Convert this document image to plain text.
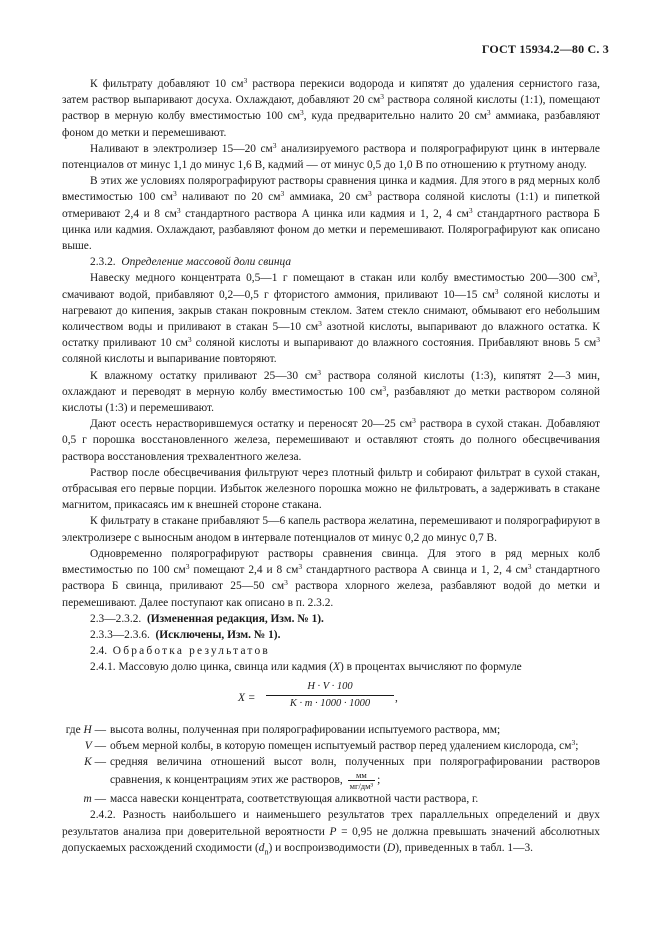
ГОСТ 15934.2—80 С. 3

К фильтрату добавляют 10 $см^3$ раствора перекиси водорода и кипятят до удаления сернистого газа, затем раствор выпаривают досуха. Охлаждают, добавляют 20 $см^3$ раствора соляной кислоты (1:1), помещают раствор в мерную колбу вместимостью 100 $см^3$, куда предварительно налито 20 $см^3$ аммиака, разбавляют фоном до метки и перемешивают.

Наливают в электролизер 15—20 $см^3$ анализируемого раствора и полярографируют цинк в интервале потенциалов от минус 1,1 до минус 1,6 В, кадмий — от минус 0,5 до 1,0 В по отношению к ртутному аноду.

В этих же условиях полярографируют растворы сравнения цинка и кадмия. Для этого в ряд мерных колб вместимостью 100 $см^3$ наливают по 20 $см^3$ аммиака, 20 $см^3$ раствора соляной кислоты (1:1) и пипеткой отмеривают 2,4 и 8 $см^3$ стандартного раствора А цинка или кадмия и 1, 2, 4 $см^3$ стандартного раствора Б цинка или кадмия. Охлаждают, разбавляют фоном до метки и перемешивают. Полярографируют как описано выше.

2.3.2. Определение массовой доли свинца

Навеску медного концентрата 0,5—1 г помещают в стакан или колбу вместимостью 200—300 $см^3$, смачивают водой, прибавляют 0,2—0,5 г фтористого аммония, приливают 10—15 $см^3$ соляной кислоты и нагревают до кипения, закрыв стакан покровным стеклом. Затем стекло снимают, обмывают его небольшим количеством воды и приливают в стакан 5—10 $см^3$ азотной кислоты, выпаривают до влажного остатка. К остатку приливают 10 $см^3$ соляной кислоты и выпаривают до влажного состояния. Прибавляют вновь 5 $см^3$ соляной кислоты и выпаривание повторяют.

К влажному остатку приливают 25—30 $см^3$ раствора соляной кислоты (1:3), кипятят 2—3 мин, охлаждают и переводят в мерную колбу вместимостью 100 $см^3$, разбавляют до метки раствором соляной кислоты (1:3) и перемешивают.

Дают осесть нерастворившемуся остатку и переносят 20—25 $см^3$ раствора в сухой стакан. Добавляют 0,5 г порошка восстановленного железа, перемешивают и оставляют стоять до полного обесцвечивания раствора восстановления трехвалентного железа.

Раствор после обесцвечивания фильтруют через плотный фильтр и собирают фильтрат в сухой стакан, отбрасывая его первые порции. Избыток железного порошка можно не фильтровать, а задерживать в стакане магнитом, прикасаясь им к внешней стороне стакана.

К фильтрату в стакане прибавляют 5—6 капель раствора желатина, перемешивают и полярографируют в электролизере с выносным анодом в интервале потенциалов от минус 0,2 до минус 0,7 В.

Одновременно полярографируют растворы сравнения свинца. Для этого в ряд мерных колб вместимостью по 100 $см^3$ помещают 2,4 и 8 $см^3$ стандартного раствора А свинца и 1, 2, 4 $см^3$ стандартного раствора Б свинца, приливают 25—50 $см^3$ раствора хлорного железа, разбавляют водой до метки и перемешивают. Далее поступают как описано в п. 2.3.2.

2.3—2.3.2. (Измененная редакция, Изм. № 1).

2.3.3—2.3.6. (Исключены, Изм. № 1).

2.4. Обработка результатов

2.4.1. Массовую долю цинка, свинца или кадмия (X) в процентах вычисляют по формуле

$X = \frac{H \cdot V \cdot 100}{K \cdot m \cdot 1000 \cdot 1000}$ ,

где H — высота волны, полученная при полярографировании испытуемого раствора, мм;

V — объем мерной колбы, в которую помещен испытуемый раствор перед удалением кислорода, $см^3$;

K — средняя величина отношений высот волн, полученных при полярографировании растворов сравнения, к концентрациям этих же растворов,	мм
мг/дм³ ;

m — масса навески концентрата, соответствующая аликвотной части раствора, г.

2.4.2. Разность наибольшего и наименьшего результатов трех параллельных определений и двух результатов анализа при доверительной вероятности P = 0,95 не должна превышать значений абсолютных допускаемых расхождений сходимости $(d_n)$ и воспроизводимости (D), приведенных в табл. 1—3.
